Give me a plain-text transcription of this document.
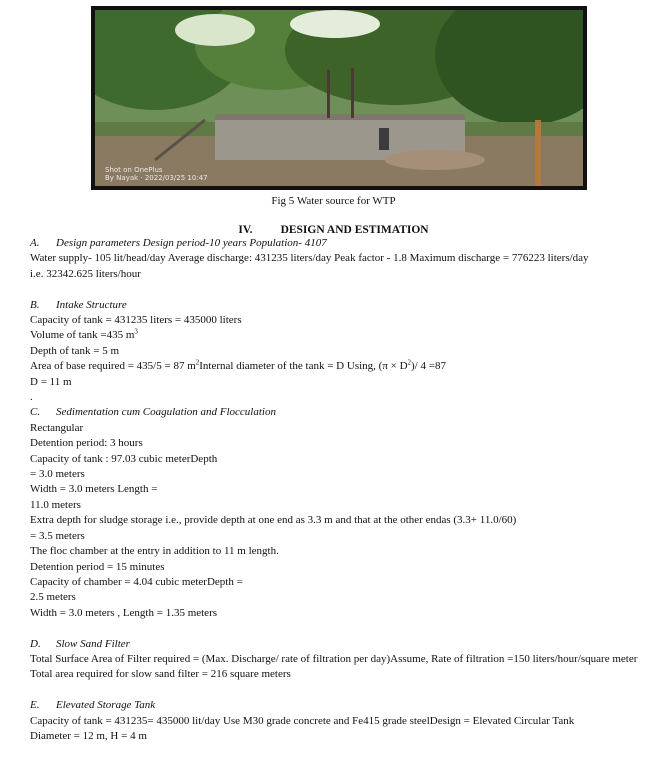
Shot on OnePlus
By Nayak · 2022/03/25 10:47
Fig 5 Water source for WTP
IV. DESIGN AND ESTIMATION
A. Design parameters Design period-10 years Population- 4107
Water supply- 105 lit/head/day Average discharge: 431235 liters/day Peak factor - 1.8 Maximum discharge = 776223 liters/day
i.e. 32342.625 liters/hour
B. Intake Structure
Capacity of tank = 431235 liters = 435000 liters
Volume of tank =435 $m^3$
Depth of tank = 5 m
Area of base required = 435/5 = 87 $m^2Internal$ diameter of the tank = D Using, $(\pi \times D^2)/$ 4 =87
D = 11 m
.
C. Sedimentation cum Coagulation and Flocculation
Rectangular
Detention period: 3 hours
Capacity of tank : 97.03 cubic meterDepth
= 3.0 meters
Width = 3.0 meters Length =
11.0 meters
Extra depth for sludge storage i.e., provide depth at one end as 3.3 m and that at the other endas (3.3+ 11.0/60)
= 3.5 meters
The floc chamber at the entry in addition to 11 m length.
Detention period = 15 minutes
Capacity of chamber = 4.04 cubic meterDepth =
2.5 meters
Width = 3.0 meters , Length = 1.35 meters
D. Slow Sand Filter
Total Surface Area of Filter required = (Max. Discharge/ rate of filtration per day)Assume, Rate of filtration =150 liters/hour/square meter
Total area required for slow sand filter = 216 square meters
E. Elevated Storage Tank
Capacity of tank = 431235= 435000 lit/day Use M30 grade concrete and Fe415 grade steelDesign = Elevated Circular Tank
Diameter = 12 m, H = 4 m
